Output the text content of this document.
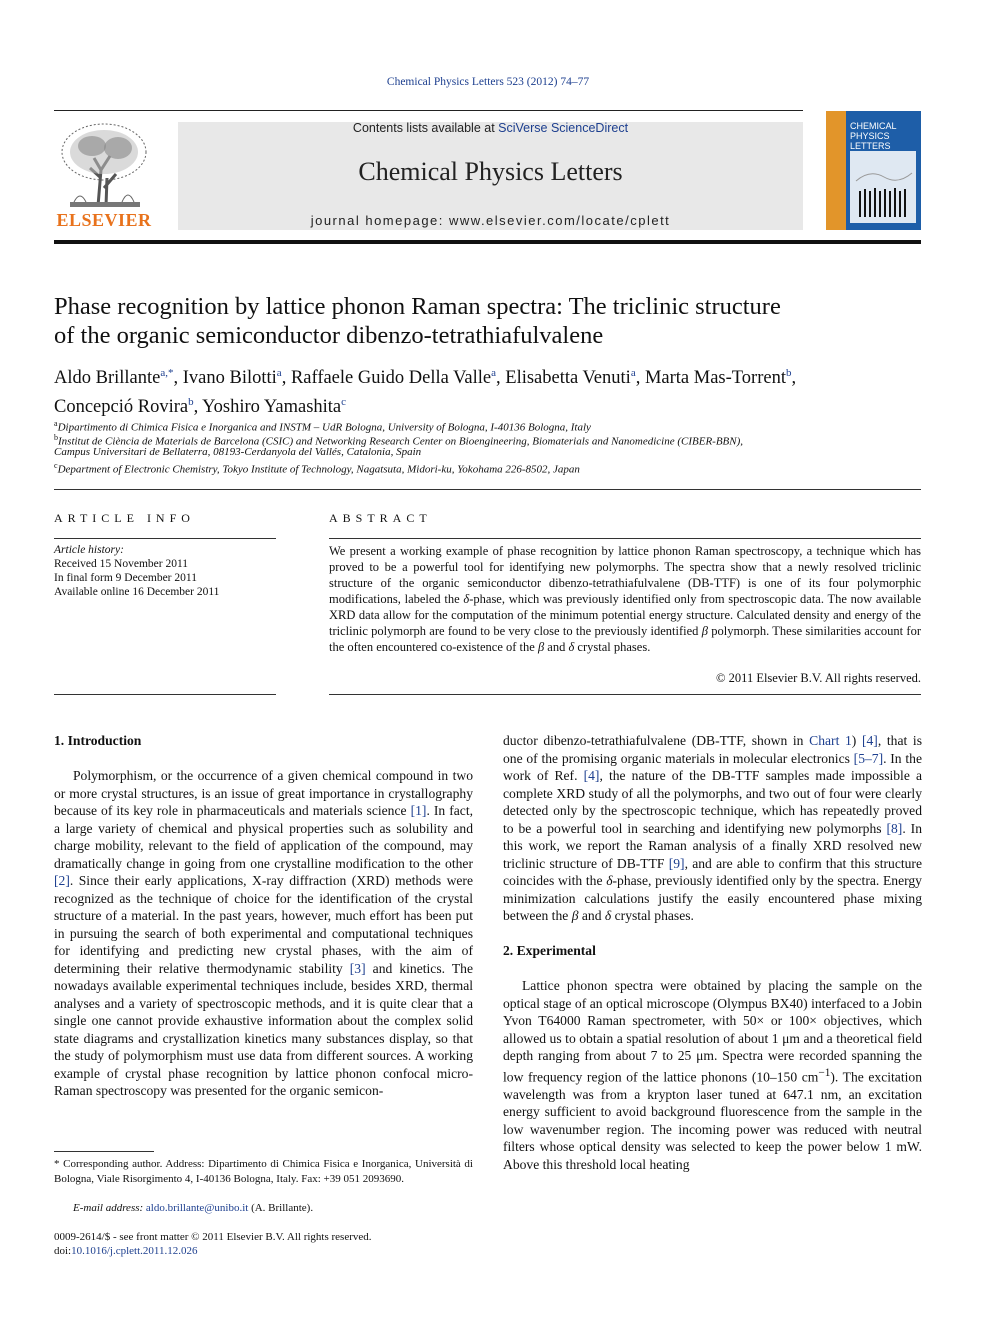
Chemical Physics Letters 523 (2012) 74–77
ELSEVIER
Contents lists available at SciVerse ScienceDirect
Chemical Physics Letters
journal homepage: www.elsevier.com/locate/cplett
CHEMICAL
PHYSICS
LETTERS
Phase recognition by lattice phonon Raman spectra: The triclinic structure
of the organic semiconductor dibenzo-tetrathiafulvalene
Aldo Brillante$^{a,*}$, Ivano Bilotti$^a$, Raffaele Guido Della Valle$^a$, Elisabetta Venuti$^a$, Marta Mas-Torrent$^b$,
Concepció Rovira$^b$, Yoshiro Yamashita$^c$
$^a$Dipartimento di Chimica Fisica e Inorganica and INSTM – UdR Bologna, University of Bologna, I-40136 Bologna, Italy
$^b$Institut de Ciència de Materials de Barcelona (CSIC) and Networking Research Center on Bioengineering, Biomaterials and Nanomedicine (CIBER-BBN),
Campus Universitari de Bellaterra, 08193-Cerdanyola del Vallés, Catalonia, Spain
$^c$Department of Electronic Chemistry, Tokyo Institute of Technology, Nagatsuta, Midori-ku, Yokohama 226-8502, Japan
ARTICLE INFO	ABSTRACT
Article history:
Received 15 November 2011
In final form 9 December 2011
Available online 16 December 2011
We present a working example of phase recognition by lattice phonon Raman spectroscopy, a technique which has proved to be a powerful tool for identifying new polymorphs. The spectra show that a newly resolved triclinic structure of the organic semiconductor dibenzo-tetrathiafulvalene (DB-TTF) is one of its four polymorphic modifications, labeled the δ-phase, which was previously identified only from spectroscopic data. The now available XRD data allow for the computation of the minimum potential energy structure. Calculated density and energy of the triclinic polymorph are found to be very close to the previously identified β polymorph. These similarities account for the often encountered co-existence of the β and δ crystal phases.
© 2011 Elsevier B.V. All rights reserved.
1. Introduction

Polymorphism, or the occurrence of a given chemical compound in two or more crystal structures, is an issue of great importance in crystallography because of its key role in pharmaceuticals and materials science [1]. In fact, a large variety of chemical and physical properties such as solubility and charge mobility, relevant to the field of application of the compound, may dramatically change in going from one crystalline modification to the other [2]. Since their early applications, X-ray diffraction (XRD) methods were recognized as the technique of choice for the identification of the crystal structure of a material. In the past years, however, much effort has been put in pursuing the search of both experimental and computational techniques for identifying and predicting new crystal phases, with the aim of determining their relative thermodynamic stability [3] and kinetics. The nowadays available experimental techniques include, besides XRD, thermal analyses and a variety of spectroscopic methods, and it is quite clear that a single one cannot provide exhaustive information about the complex solid state diagrams and crystallization kinetics many substances display, so that the study of polymorphism must use data from different sources. A working example of crystal phase recognition by lattice phonon confocal micro-Raman spectroscopy was presented for the organic semicon-

* Corresponding author. Address: Dipartimento di Chimica Fisica e Inorganica, Università di Bologna, Viale Risorgimento 4, I-40136 Bologna, Italy. Fax: +39 051 2093690.
E-mail address: aldo.brillante@unibo.it (A. Brillante).
0009-2614/$ - see front matter © 2011 Elsevier B.V. All rights reserved.
doi:10.1016/j.cplett.2011.12.026

ductor dibenzo-tetrathiafulvalene (DB-TTF, shown in Chart 1) [4], that is one of the promising organic materials in molecular electronics [5–7]. In the work of Ref. [4], the nature of the DB-TTF samples made impossible a complete XRD study of all the polymorphs, and two out of four were clearly detected only by the spectroscopic technique, which has repeatedly proved to be a powerful tool in searching and identifying new polymorphs [8]. In this work, we report the Raman analysis of a finally XRD resolved new triclinic structure of DB-TTF [9], and are able to confirm that this structure coincides with the δ-phase, previously identified only by the spectra. Energy minimization calculations justify the easily encountered phase mixing between the β and δ crystal phases.

2. Experimental

Lattice phonon spectra were obtained by placing the sample on the optical stage of an optical microscope (Olympus BX40) interfaced to a Jobin Yvon T64000 Raman spectrometer, with 50× or 100× objectives, which allowed us to obtain a spatial resolution of about 1 μm and a theoretical field depth ranging from about 7 to 25 μm. Spectra were recorded spanning the low frequency region of the lattice phonons (10–150 $cm^{-1}$). The excitation wavelength was from a krypton laser tuned at 647.1 nm, an excitation energy sufficient to avoid background fluorescence from the sample in the low wavenumber region. The incoming power was reduced with neutral filters whose optical density was selected to keep the power below 1 mW. Above this threshold local heating
